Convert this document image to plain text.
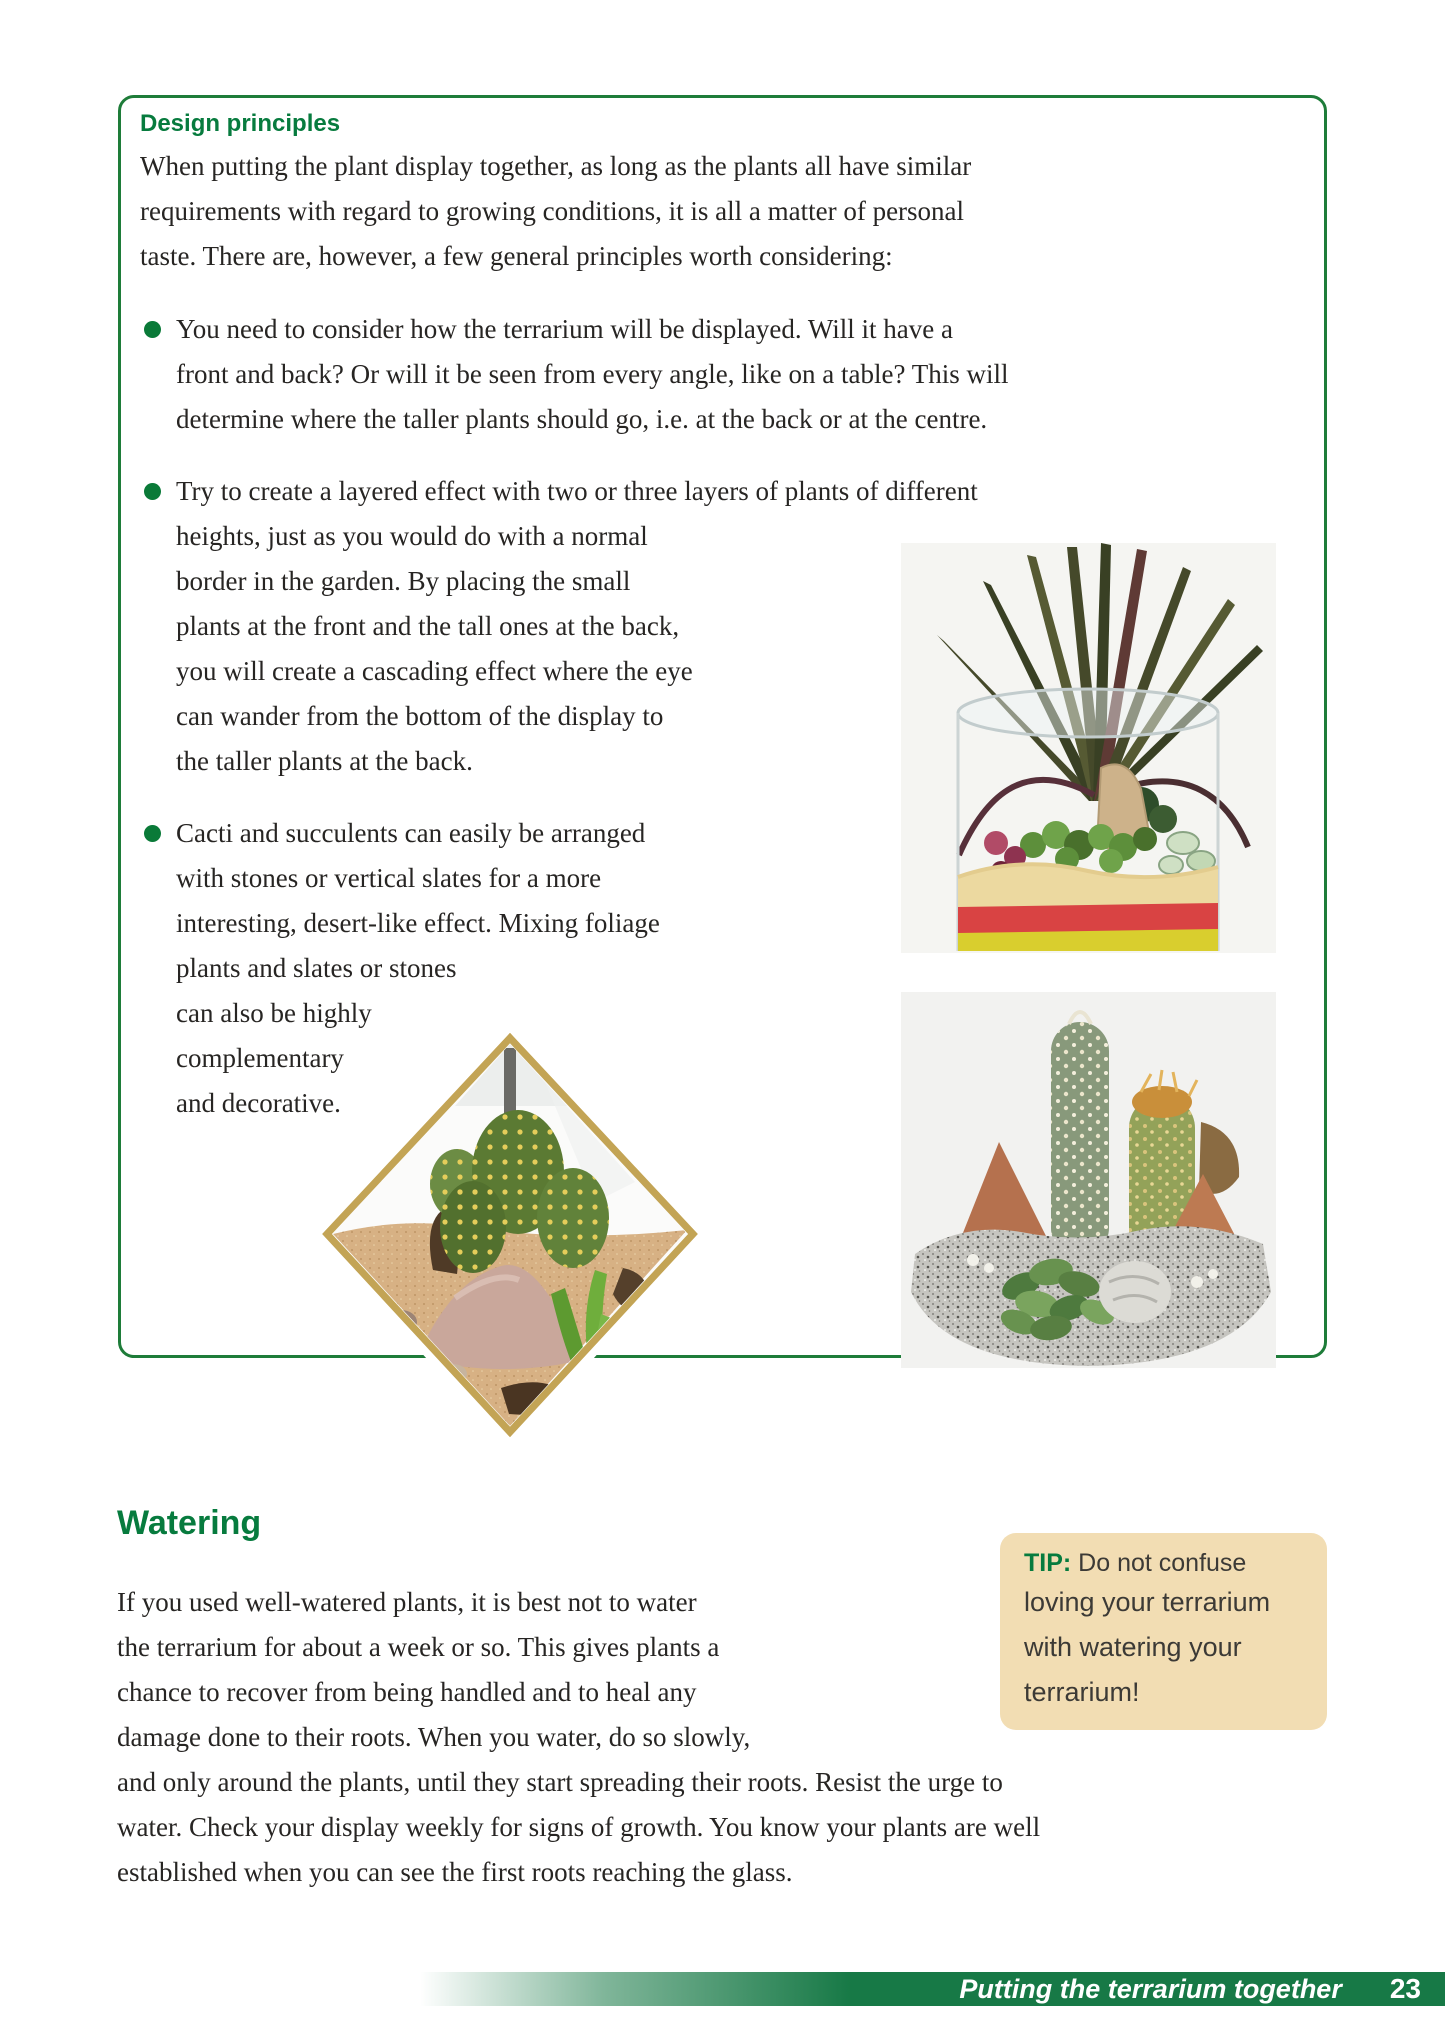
Design principles
When putting the plant display together, as long as the plants all have similar
requirements with regard to growing conditions, it is all a matter of personal
taste. There are, however, a few general principles worth considering:
You need to consider how the terrarium will be displayed. Will it have a
front and back? Or will it be seen from every angle, like on a table? This will
determine where the taller plants should go, i.e. at the back or at the centre.
Try to create a layered effect with two or three layers of plants of different
heights, just as you would do with a normal
border in the garden. By placing the small
plants at the front and the tall ones at the back,
you will create a cascading effect where the eye
can wander from the bottom of the display to
the taller plants at the back.
Cacti and succulents can easily be arranged
with stones or vertical slates for a more
interesting, desert-like effect. Mixing foliage
plants and slates or stones
can also be highly
complementary
and decorative.
Watering
If you used well-watered plants, it is best not to water
the terrarium for about a week or so. This gives plants a
chance to recover from being handled and to heal any
damage done to their roots. When you water, do so slowly,
and only around the plants, until they start spreading their roots. Resist the urge to
water. Check your display weekly for signs of growth. You know your plants are well
established when you can see the first roots reaching the glass.
TIP: Do not confuse
loving your terrarium
with watering your
terrarium!
Putting the terrarium together 23
